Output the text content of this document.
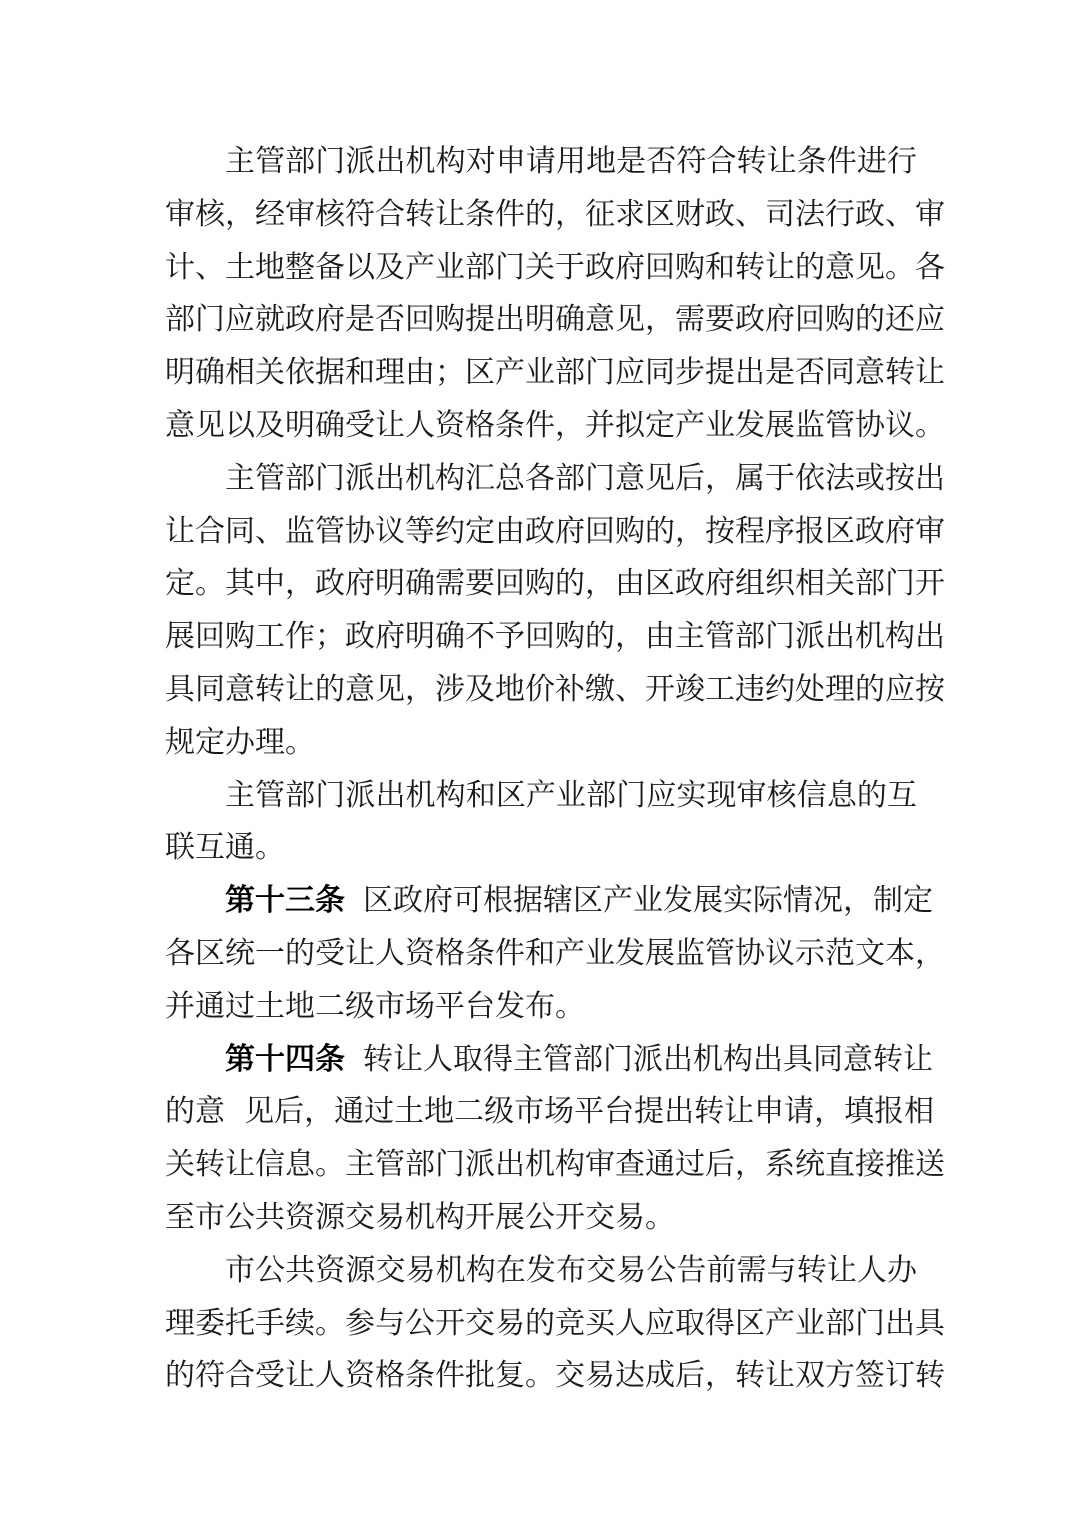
主管部门派出机构对申请用地是否符合转让条件进行
审核，经审核符合转让条件的，征求区财政、司法行政、审
计、土地整备以及产业部门关于政府回购和转让的意见。各
部门应就政府是否回购提出明确意见，需要政府回购的还应
明确相关依据和理由；区产业部门应同步提出是否同意转让
意见以及明确受让人资格条件，并拟定产业发展监管协议。
主管部门派出机构汇总各部门意见后，属于依法或按出
让合同、监管协议等约定由政府回购的，按程序报区政府审
定。其中，政府明确需要回购的，由区政府组织相关部门开
展回购工作；政府明确不予回购的，由主管部门派出机构出
具同意转让的意见，涉及地价补缴、开竣工违约处理的应按
规定办理。
主管部门派出机构和区产业部门应实现审核信息的互
联互通。
第十三条 区政府可根据辖区产业发展实际情况，制定
各区统一的受让人资格条件和产业发展监管协议示范文本，
并通过土地二级市场平台发布。
第十四条 转让人取得主管部门派出机构出具同意转让
的意  见后，通过土地二级市场平台提出转让申请，填报相
关转让信息。主管部门派出机构审查通过后，系统直接推送
至市公共资源交易机构开展公开交易。
市公共资源交易机构在发布交易公告前需与转让人办
理委托手续。参与公开交易的竞买人应取得区产业部门出具
的符合受让人资格条件批复。交易达成后，转让双方签订转
